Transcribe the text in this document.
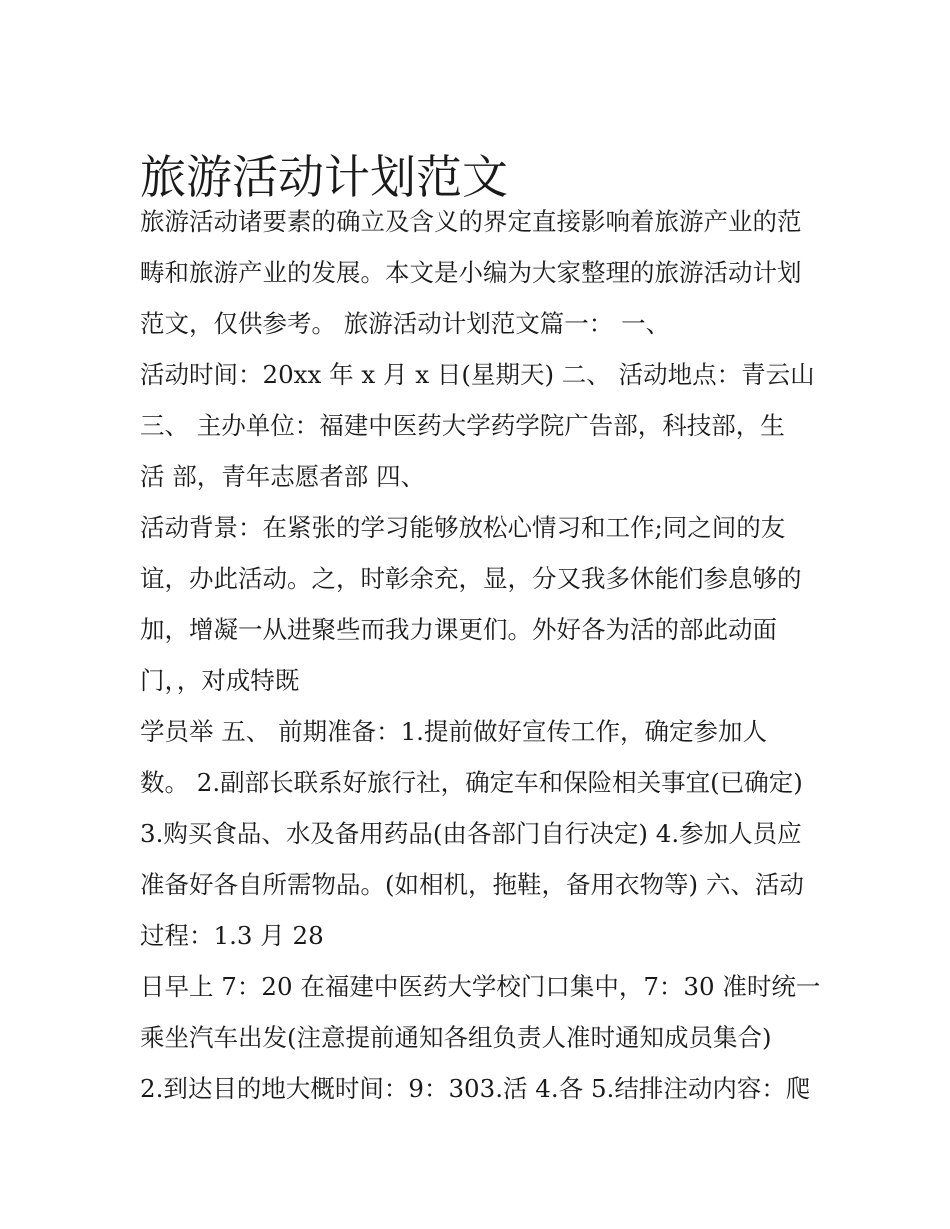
旅游活动计划范文
旅游活动诸要素的确立及含义的界定直接影响着旅游产业的范
畴和旅游产业的发展。本文是小编为大家整理的旅游活动计划
范文，仅供参考。 旅游活动计划范文篇一： 一、
活动时间：20xx 年 x 月 x 日(星期天) 二、 活动地点：青云山
三、 主办单位：福建中医药大学药学院广告部，科技部，生
活 部，青年志愿者部 四、
活动背景：在紧张的学习能够放松心情习和工作;同之间的友
谊，办此活动。之，时彰余充，显，分又我多休能们参息够的
加，增凝一从进聚些而我力课更们。外好各为活的部此动面
门，，对成特既
学员举 五、 前期准备：1.提前做好宣传工作，确定参加人
数。 2.副部长联系好旅行社，确定车和保险相关事宜(已确定)
3.购买食品、水及备用药品(由各部门自行决定) 4.参加人员应
准备好各自所需物品。(如相机，拖鞋，备用衣物等) 六、活动
过程：1.3 月 28
日早上 7：20 在福建中医药大学校门口集中，7：30 准时统一
乘坐汽车出发(注意提前通知各组负责人准时通知成员集合)
2.到达目的地大概时间：9：303.活 4.各 5.结排注动内容：爬
